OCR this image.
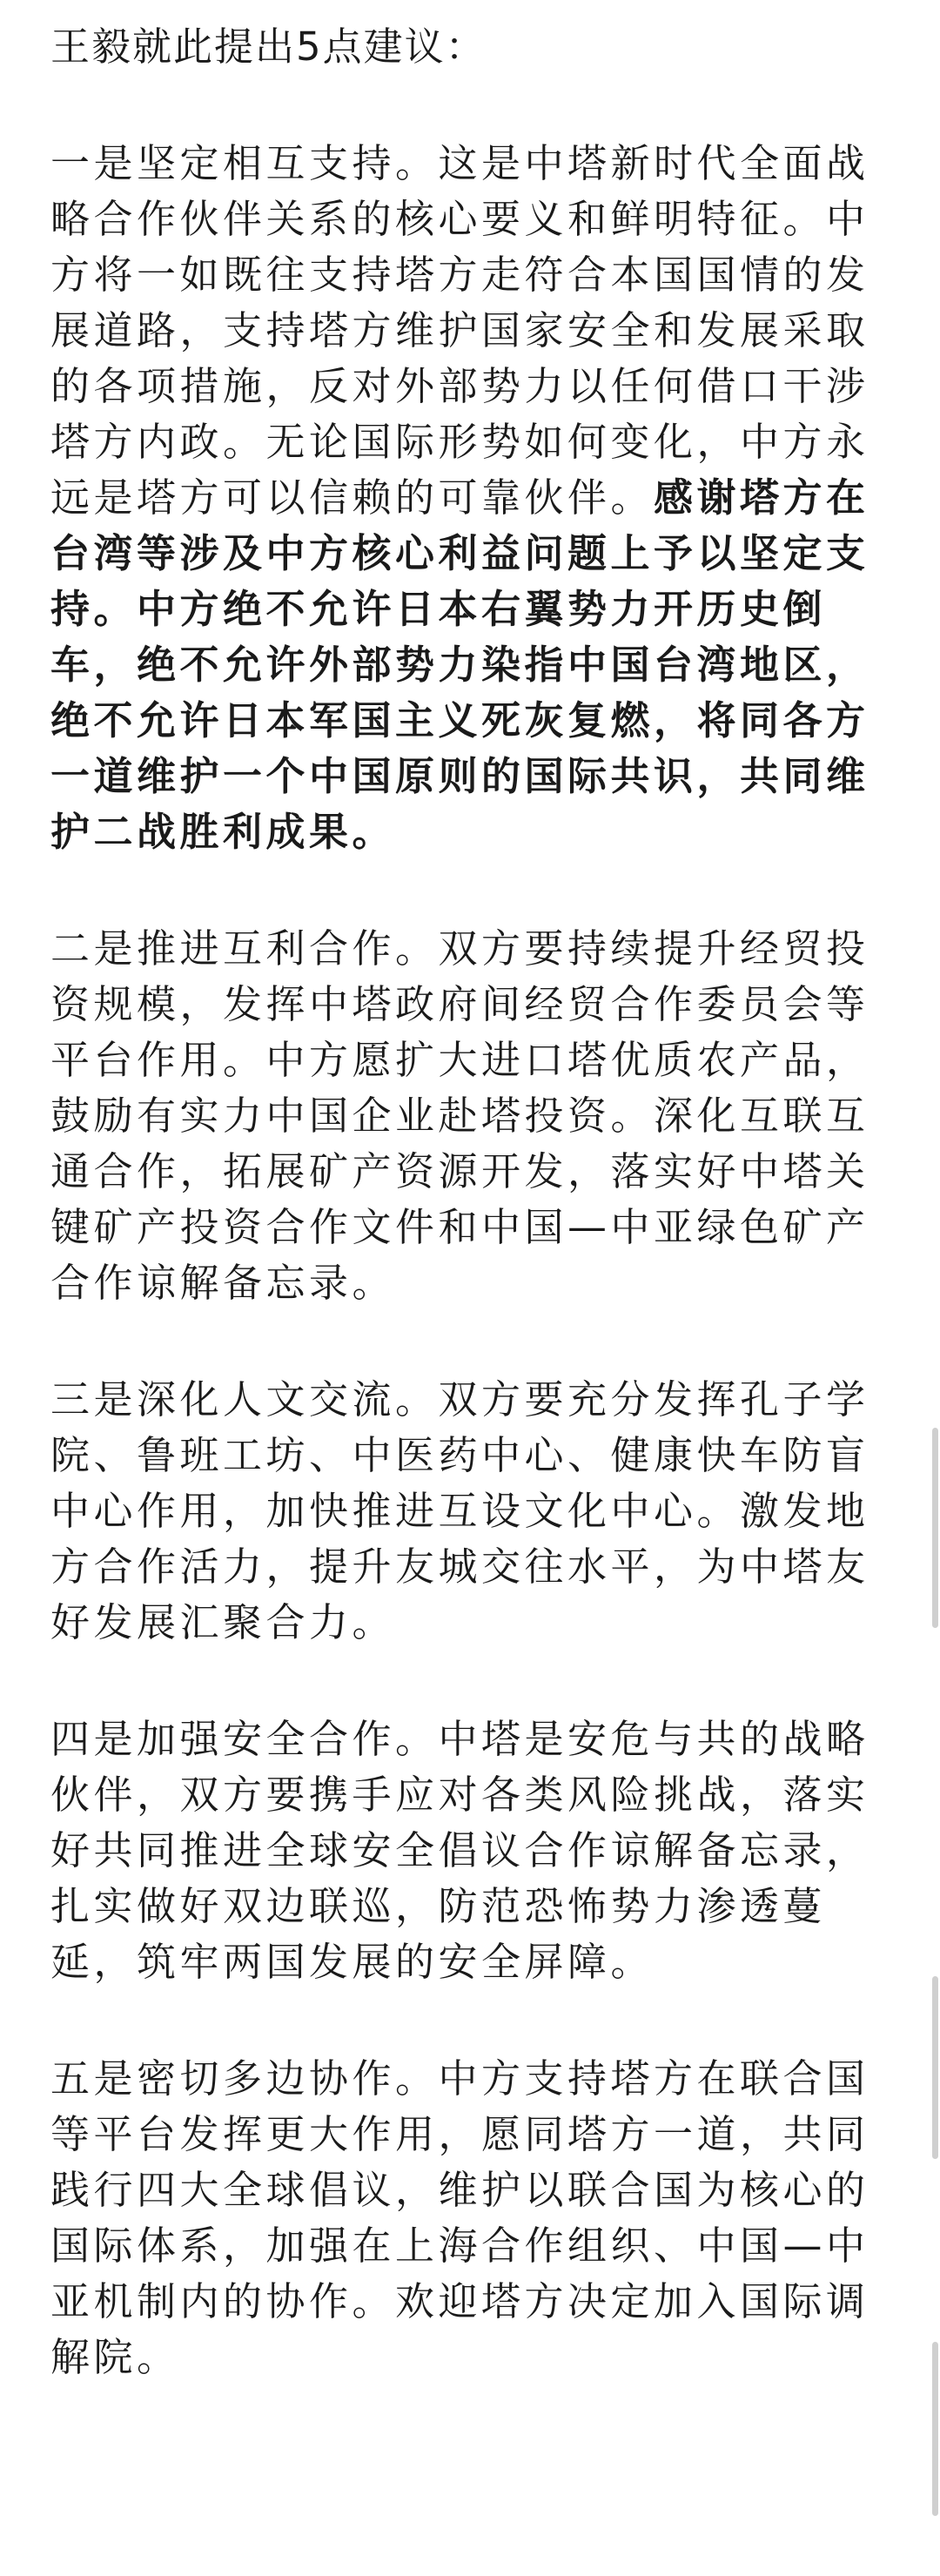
王毅就此提出5点建议：

一是坚定相互支持。这是中塔新时代全面战略合作伙伴关系的核心要义和鲜明特征。中方将一如既往支持塔方走符合本国国情的发展道路，支持塔方维护国家安全和发展采取的各项措施，反对外部势力以任何借口干涉塔方内政。无论国际形势如何变化，中方永远是塔方可以信赖的可靠伙伴。感谢塔方在台湾等涉及中方核心利益问题上予以坚定支持。中方绝不允许日本右翼势力开历史倒车，绝不允许外部势力染指中国台湾地区，绝不允许日本军国主义死灰复燃，将同各方一道维护一个中国原则的国际共识，共同维护二战胜利成果。

二是推进互利合作。双方要持续提升经贸投资规模，发挥中塔政府间经贸合作委员会等平台作用。中方愿扩大进口塔优质农产品，鼓励有实力中国企业赴塔投资。深化互联互通合作，拓展矿产资源开发，落实好中塔关键矿产投资合作文件和中国—中亚绿色矿产合作谅解备忘录。

三是深化人文交流。双方要充分发挥孔子学院、鲁班工坊、中医药中心、健康快车防盲中心作用，加快推进互设文化中心。激发地方合作活力，提升友城交往水平，为中塔友好发展汇聚合力。

四是加强安全合作。中塔是安危与共的战略伙伴，双方要携手应对各类风险挑战，落实好共同推进全球安全倡议合作谅解备忘录，扎实做好双边联巡，防范恐怖势力渗透蔓延，筑牢两国发展的安全屏障。

五是密切多边协作。中方支持塔方在联合国等平台发挥更大作用，愿同塔方一道，共同践行四大全球倡议，维护以联合国为核心的国际体系，加强在上海合作组织、中国—中亚机制内的协作。欢迎塔方决定加入国际调解院。
